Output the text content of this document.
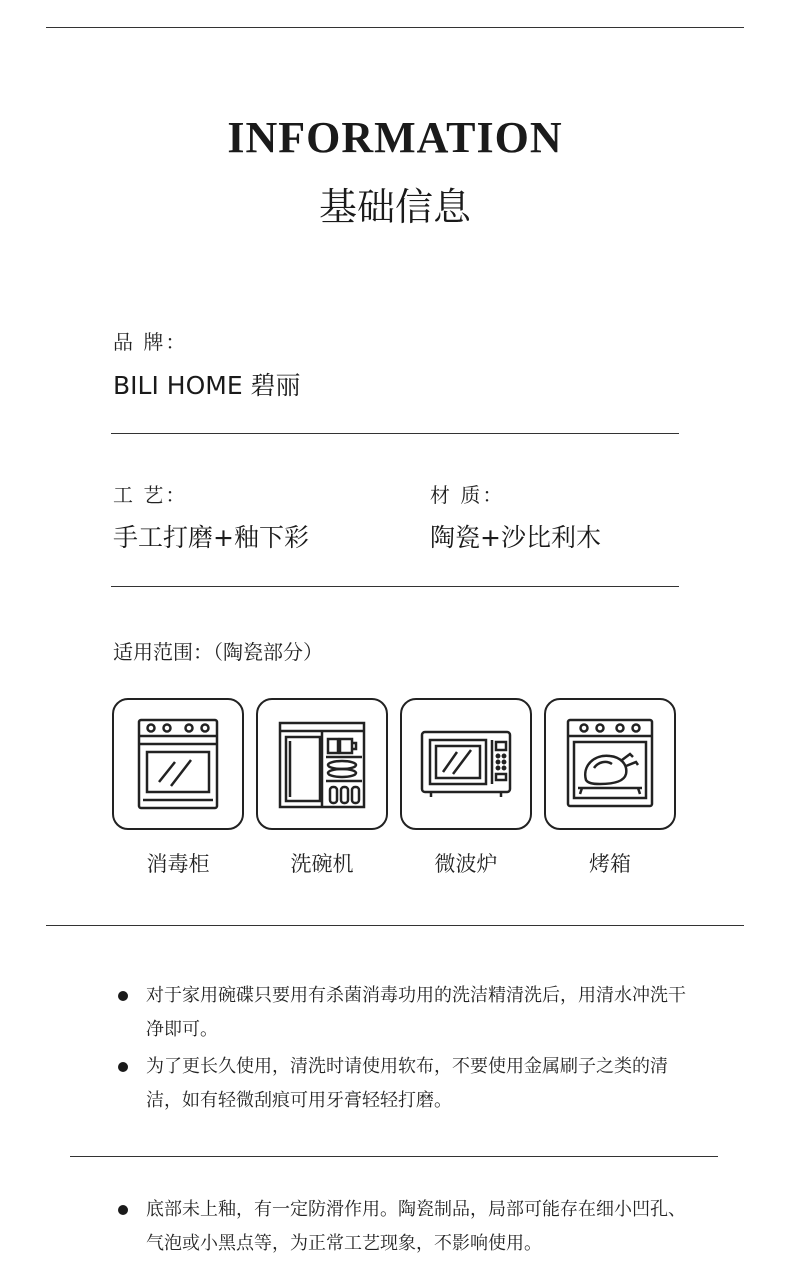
INFORMATION
基础信息
品 牌：
BILI HOME 碧丽
工 艺：
手工打磨+釉下彩
材 质：
陶瓷+沙比利木
适用范围：（陶瓷部分）
消毒柜	洗碗机	微波炉	烤箱
对于家用碗碟只要用有杀菌消毒功用的洗洁精清洗后，用清水冲洗干净即可。
为了更长久使用，清洗时请使用软布，不要使用金属刷子之类的清洁，如有轻微刮痕可用牙膏轻轻打磨。
底部未上釉，有一定防滑作用。陶瓷制品，局部可能存在细小凹孔、气泡或小黑点等，为正常工艺现象，不影响使用。
